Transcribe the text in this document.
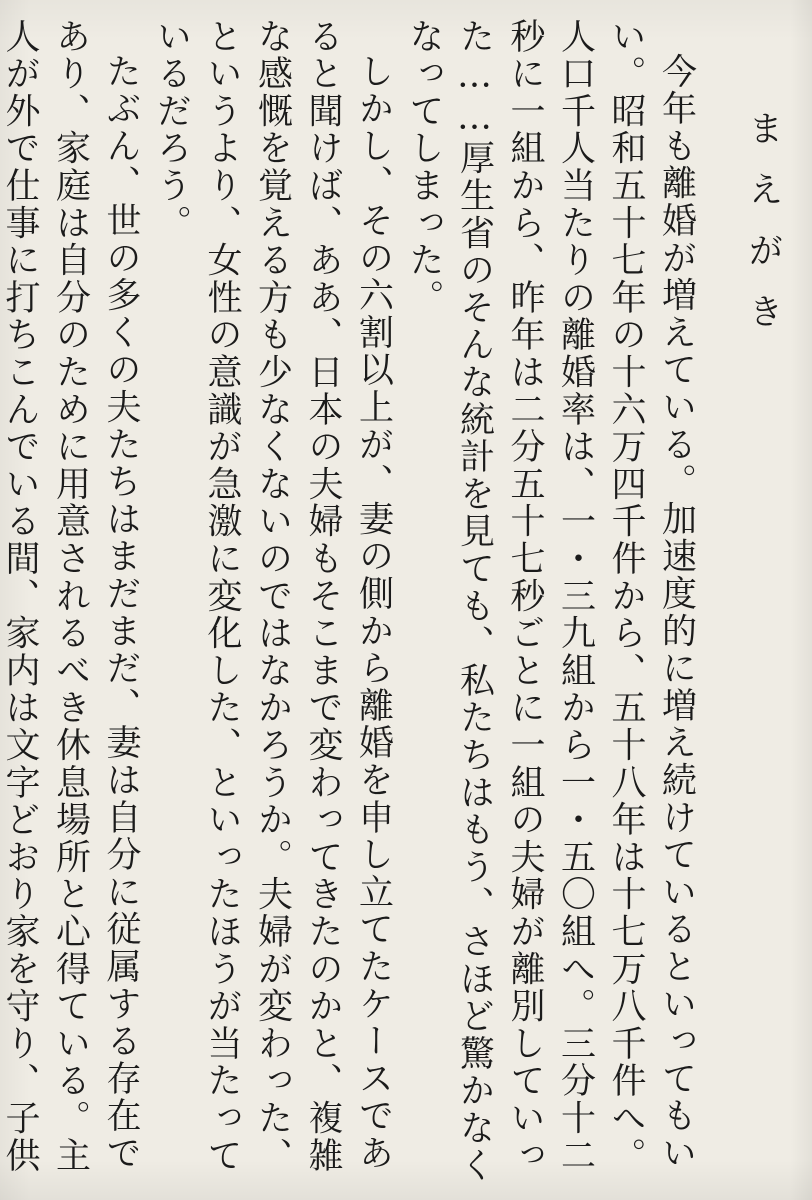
まえがき

今年も離婚が増えている。加速度的に増え続けているといってもいい。昭和五十七年の十六万四千件から、五十八年は十七万八千件へ。人口千人当たりの離婚率は、一・三九組から一・五〇組へ。三分十二秒に一組から、昨年は二分五十七秒ごとに一組の夫婦が離別していった……厚生省のそんな統計を見ても、私たちはもう、さほど驚かなくなってしまった。

しかし、その六割以上が、妻の側から離婚を申し立てたケースであると聞けば、ああ、日本の夫婦もそこまで変わってきたのかと、複雑な感慨を覚える方も少なくないのではなかろうか。夫婦が変わった、というより、女性の意識が急激に変化した、といったほうが当たっているだろう。

たぶん、世の多くの夫たちはまだまだ、妻は自分に従属する存在であり、家庭は自分のために用意されるべき休息場所と心得ている。主人が外で仕事に打ちこんでいる間、家内は文字どおり家を守り、子供
